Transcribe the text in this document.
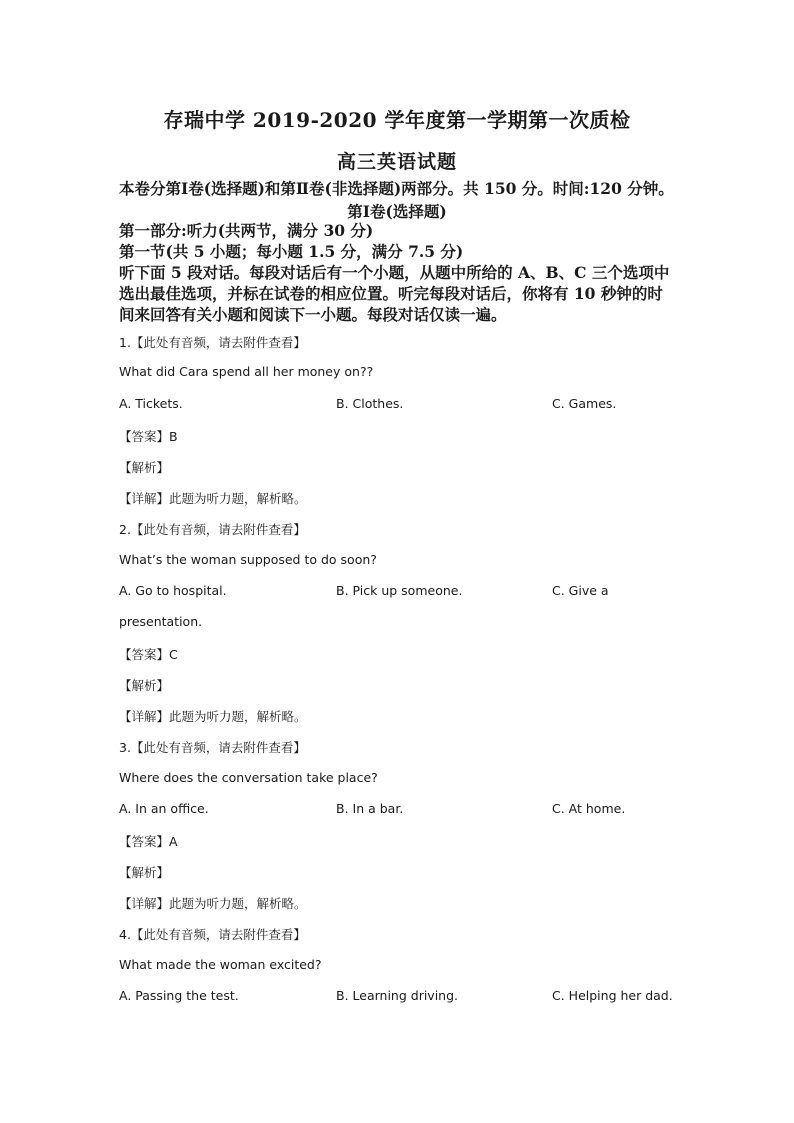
存瑞中学 2019-2020 学年度第一学期第一次质检
高三英语试题
本卷分第Ⅰ卷(选择题)和第Ⅱ卷(非选择题)两部分。共 150 分。时间:120 分钟。
第Ⅰ卷(选择题)
第一部分:听力(共两节，满分 30 分)
第一节(共 5 小题；每小题 1.5 分，满分 7.5 分)
听下面 5 段对话。每段对话后有一个小题，从题中所给的 A、B、C 三个选项中
选出最佳选项，并标在试卷的相应位置。听完每段对话后，你将有 10 秒钟的时
间来回答有关小题和阅读下一小题。每段对话仅读一遍。
1.【此处有音频，请去附件查看】
What did Cara spend all her money on??
A. Tickets.	B. Clothes.	C. Games.
【答案】B
【解析】
【详解】此题为听力题，解析略。
2.【此处有音频，请去附件查看】
What’s the woman supposed to do soon?
A. Go to hospital.	B. Pick up someone.	C. Give a
presentation.
【答案】C
【解析】
【详解】此题为听力题，解析略。
3.【此处有音频，请去附件查看】
Where does the conversation take place?
A. In an office.	B. In a bar.	C. At home.
【答案】A
【解析】
【详解】此题为听力题，解析略。
4.【此处有音频，请去附件查看】
What made the woman excited?
A. Passing the test.	B. Learning driving.	C. Helping her dad.
